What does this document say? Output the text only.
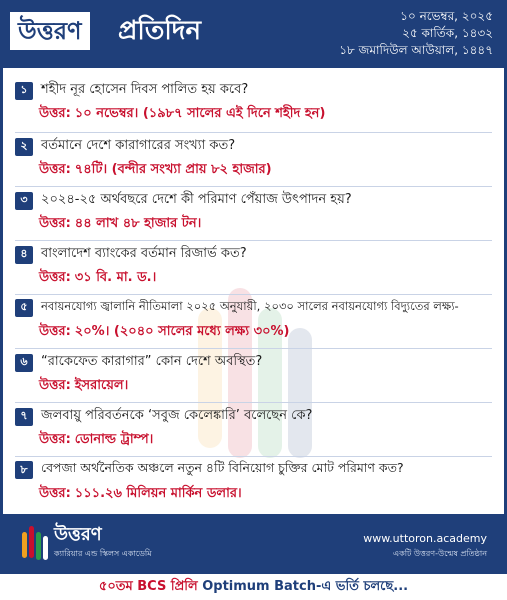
উত্তরণ	প্রতিদিন	১০ নভেম্বর, ২০২৫
২৫ কার্তিক, ১৪৩২
১৮ জমাদিউল আউয়াল, ১৪৪৭
১	শহীদ নূর হোসেন দিবস পালিত হয় কবে?
উত্তর: ১০ নভেম্বর। (১৯৮৭ সালের এই দিনে শহীদ হন)
২	বর্তমানে দেশে কারাগারের সংখ্যা কত?
উত্তর: ৭৪টি। (বন্দীর সংখ্যা প্রায় ৮২ হাজার)
৩	২০২৪-২৫ অর্থবছরে দেশে কী পরিমাণ পেঁয়াজ উৎপাদন হয়?
উত্তর: ৪৪ লাখ ৪৮ হাজার টন।
৪	বাংলাদেশ ব্যাংকের বর্তমান রিজার্ভ কত?
উত্তর: ৩১ বি. মা. ড.।
৫	নবায়নযোগ্য জ্বালানি নীতিমালা ২০২৫ অনুযায়ী, ২০৩০ সালের নবায়নযোগ্য বিদ্যুতের লক্ষ্য-
উত্তর: ২০%। (২০৪০ সালের মধ্যে লক্ষ্য ৩০%)
৬	“রাকেফেত কারাগার” কোন দেশে অবস্থিত?
উত্তর: ইসরায়েল।
৭	জলবায়ু পরিবর্তনকে ‘সবুজ কেলেঙ্কারি’ বলেছেন কে?
উত্তর: ডোনাল্ড ট্রাম্প।
৮	বেপজা অর্থনৈতিক অঞ্চলে নতুন ৪টি বিনিয়োগ চুক্তির মোট পরিমাণ কত?
উত্তর: ১১১.২৬ মিলিয়ন মার্কিন ডলার।
উত্তরণ
ক্যারিয়ার এন্ড স্কিলস একাডেমি
www.uttoron.academy
একটি উত্তরণ-উন্মেষ প্রতিষ্ঠান
৫০তম BCS প্রিলি Optimum Batch-এ ভর্তি চলছে...
